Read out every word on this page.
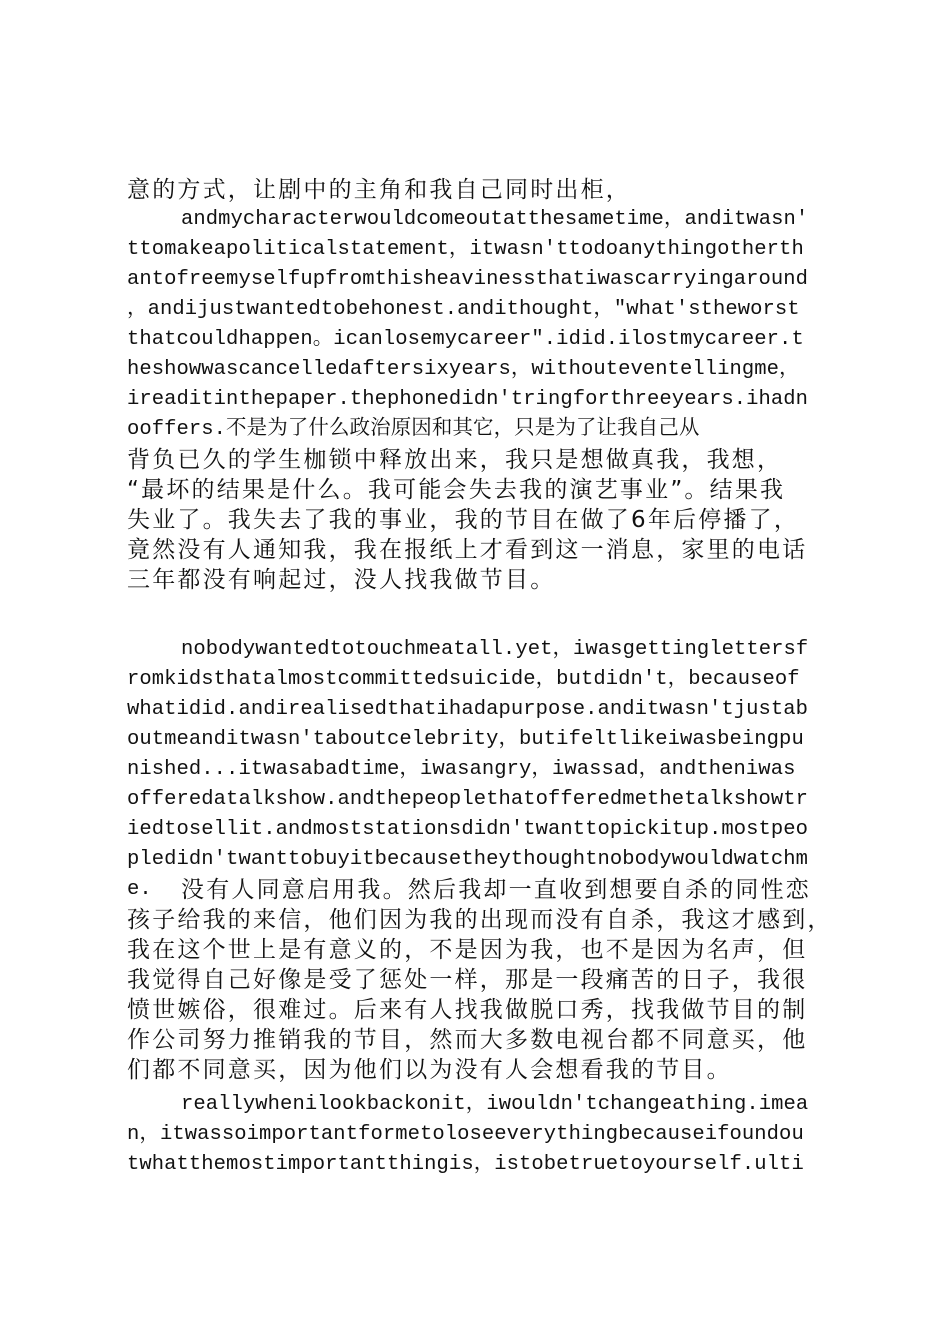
意的方式，让剧中的主角和我自己同时出柜，
andmycharacterwouldcomeoutatthesametime，anditwasn'
ttomakeapoliticalstatement，itwasn'ttodoanythingotherth
antofreemyselfupfromthisheavinessthatiwascarryingaround
，andijustwantedtobehonest.andithought，"what'stheworst
thatcouldhappen。icanlosemycareer".idid.ilostmycareer.t
heshowwascancelledaftersixyears，withouteventellingme，
ireaditinthepaper.thephonedidn'tringforthreeyears.ihadn
ooffers.不是为了什么政治原因和其它，只是为了让我自己从
背负已久的学生枷锁中释放出来，我只是想做真我，我想，
“最坏的结果是什么。我可能会失去我的演艺事业”。结果我
失业了。我失去了我的事业，我的节目在做了6年后停播了，
竟然没有人通知我，我在报纸上才看到这一消息，家里的电话
三年都没有响起过，没人找我做节目。
nobodywantedtotouchmeatall.yet，iwasgettinglettersf
romkidsthatalmostcommittedsuicide，butdidn't，becauseof
whatidid.andirealisedthatihadapurpose.anditwasn'tjustab
outmeanditwasn'taboutcelebrity，butifeltlikeiwasbeingpu
nished...itwasabadtime，iwasangry，iwassad，andtheniwas
offeredatalkshow.andthepeoplethatofferedmethetalkshowtr
iedtosellit.andmoststationsdidn'twanttopickitup.mostpeo
pledidn'twanttobuyitbecausetheythoughtnobodywouldwatchm
e.	没有人同意启用我。然后我却一直收到想要自杀的同性恋
孩子给我的来信，他们因为我的出现而没有自杀，我这才感到，
我在这个世上是有意义的，不是因为我，也不是因为名声，但
我觉得自己好像是受了惩处一样，那是一段痛苦的日子，我很
愤世嫉俗，很难过。后来有人找我做脱口秀，找我做节目的制
作公司努力推销我的节目，然而大多数电视台都不同意买，他
们都不同意买，因为他们以为没有人会想看我的节目。
reallywhenilookbackonit，iwouldn'tchangeathing.imea
n，itwassoimportantformetoloseeverythingbecauseifoundou
twhatthemostimportantthingis，istobetruetoyourself.ulti
